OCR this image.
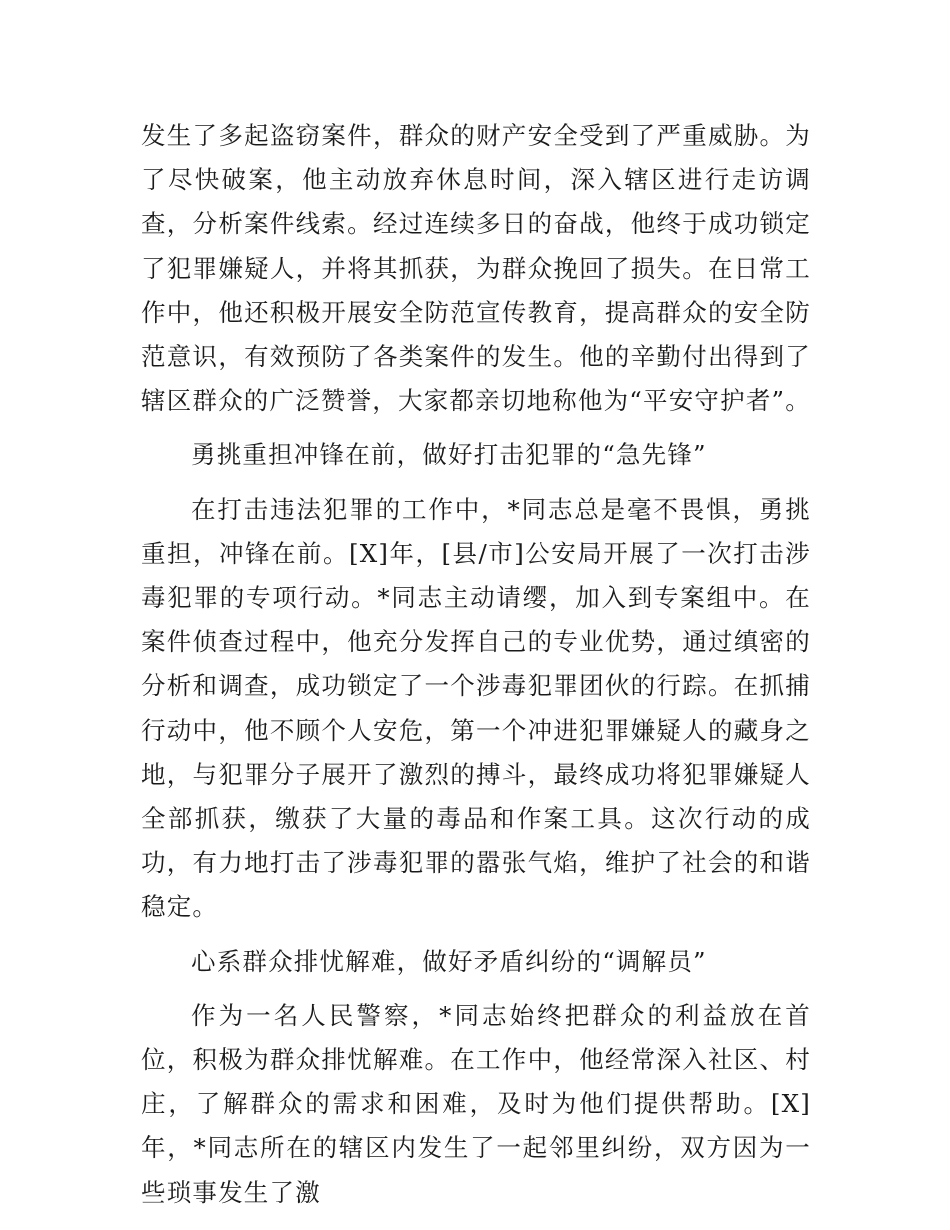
发生了多起盗窃案件，群众的财产安全受到了严重威胁。为了尽快破案，他主动放弃休息时间，深入辖区进行走访调查，分析案件线索。经过连续多日的奋战，他终于成功锁定了犯罪嫌疑人，并将其抓获，为群众挽回了损失。在日常工作中，他还积极开展安全防范宣传教育，提高群众的安全防范意识，有效预防了各类案件的发生。他的辛勤付出得到了辖区群众的广泛赞誉，大家都亲切地称他为“平安守护者”。

勇挑重担冲锋在前，做好打击犯罪的“急先锋”

在打击违法犯罪的工作中，*同志总是毫不畏惧，勇挑重担，冲锋在前。[X]年，[县/市]公安局开展了一次打击涉毒犯罪的专项行动。*同志主动请缨，加入到专案组中。在案件侦查过程中，他充分发挥自己的专业优势，通过缜密的分析和调查，成功锁定了一个涉毒犯罪团伙的行踪。在抓捕行动中，他不顾个人安危，第一个冲进犯罪嫌疑人的藏身之地，与犯罪分子展开了激烈的搏斗，最终成功将犯罪嫌疑人全部抓获，缴获了大量的毒品和作案工具。这次行动的成功，有力地打击了涉毒犯罪的嚣张气焰，维护了社会的和谐稳定。

心系群众排忧解难，做好矛盾纠纷的“调解员”

作为一名人民警察，*同志始终把群众的利益放在首位，积极为群众排忧解难。在工作中，他经常深入社区、村庄，了解群众的需求和困难，及时为他们提供帮助。[X]年，*同志所在的辖区内发生了一起邻里纠纷，双方因为一些琐事发生了激
